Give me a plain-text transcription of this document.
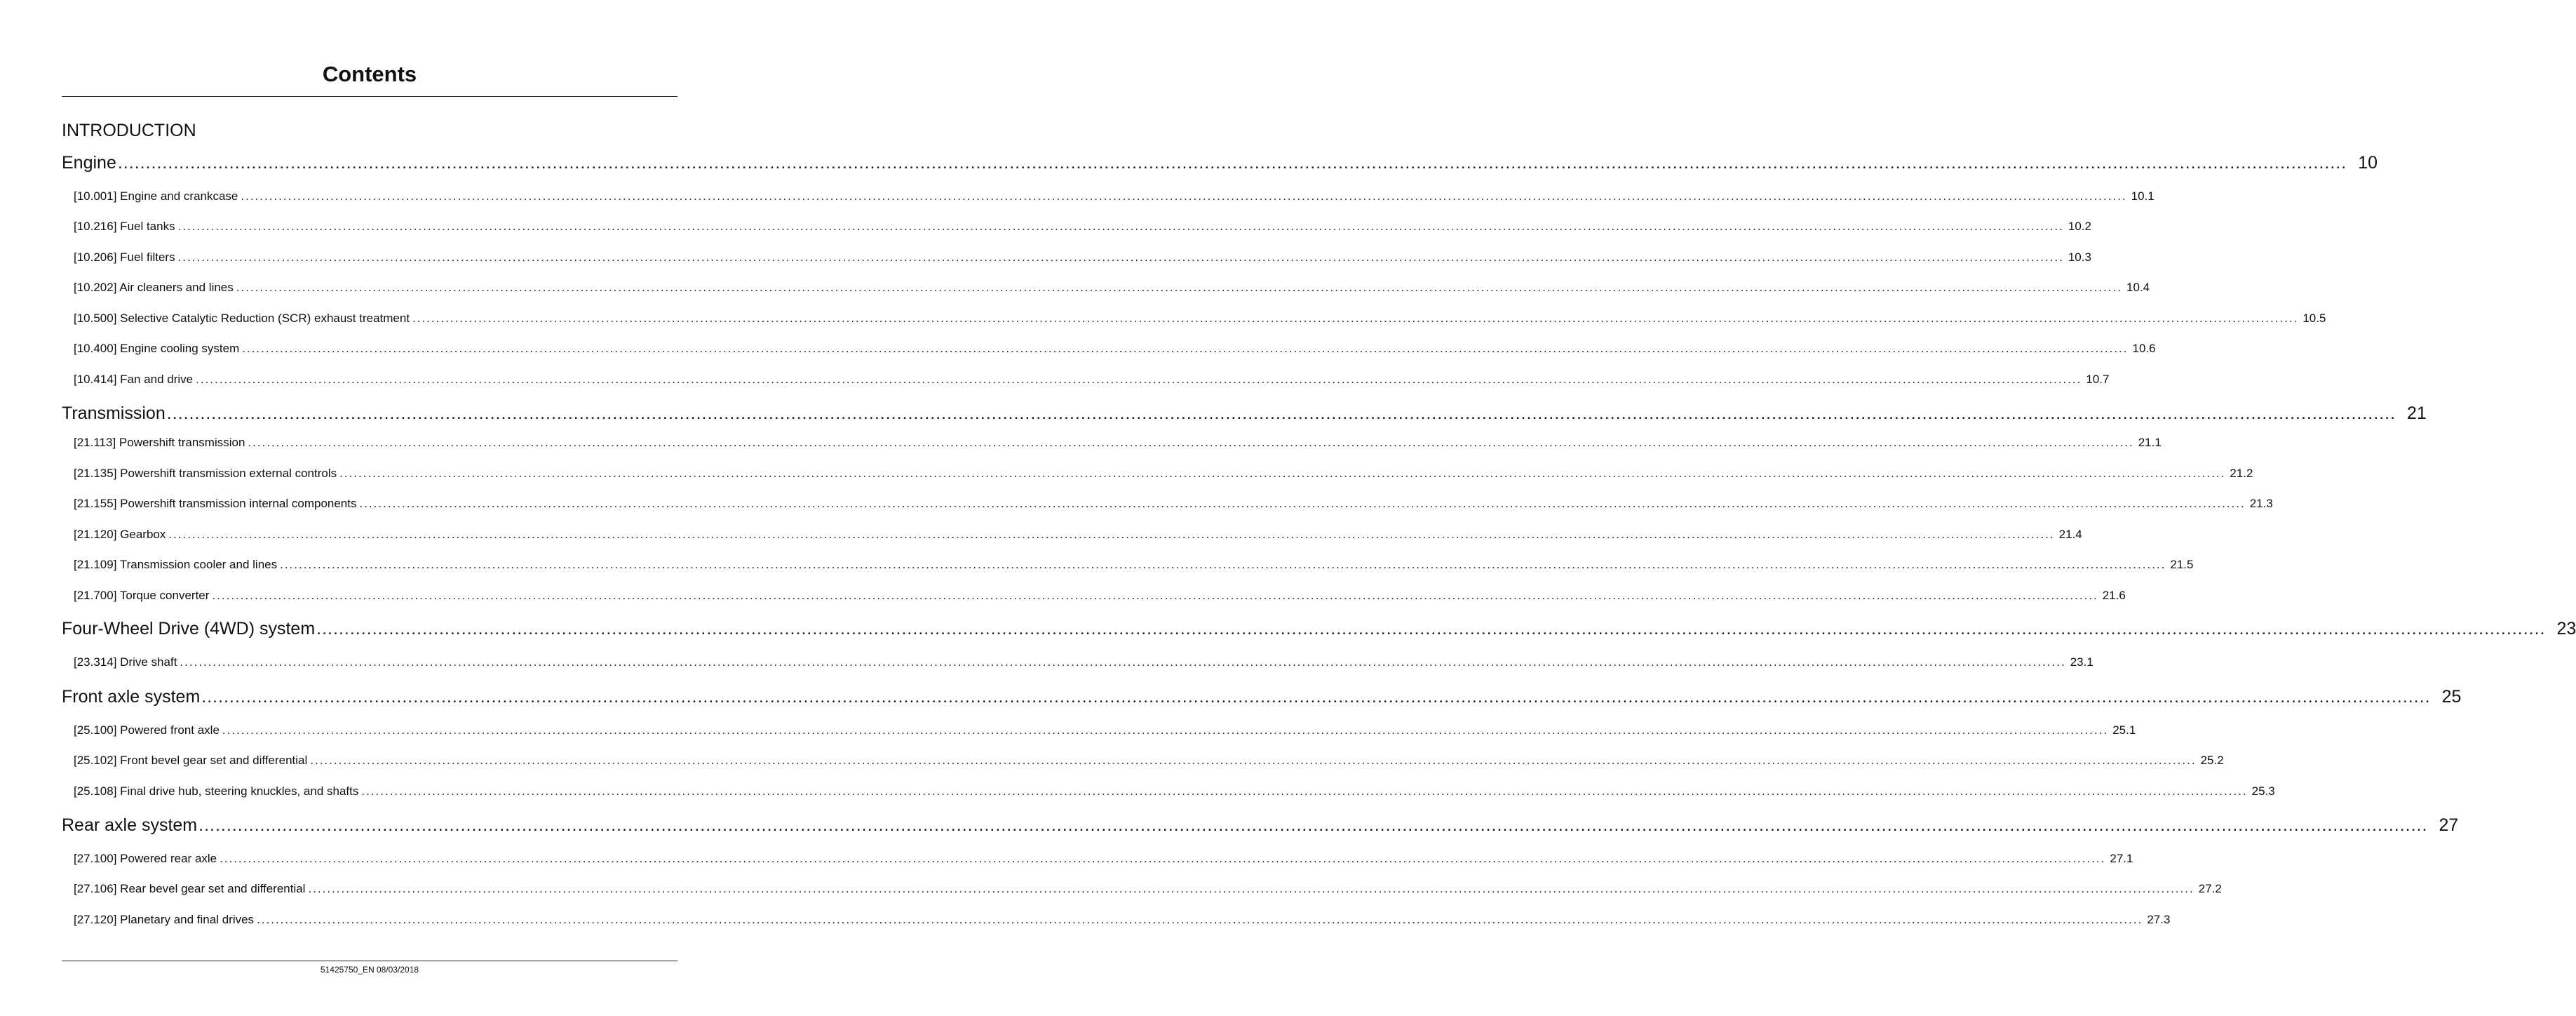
Contents
INTRODUCTION
Engine ................................................................................................................................................................................................................................................................................................................................................................................................................ 10
[10.001] Engine and crankcase ................................................................................................................................................................................................................................................................................................................................................................................................................ 10.1
[10.216] Fuel tanks ................................................................................................................................................................................................................................................................................................................................................................................................................ 10.2
[10.206] Fuel filters ................................................................................................................................................................................................................................................................................................................................................................................................................ 10.3
[10.202] Air cleaners and lines ................................................................................................................................................................................................................................................................................................................................................................................................................ 10.4
[10.500] Selective Catalytic Reduction (SCR) exhaust treatment ................................................................................................................................................................................................................................................................................................................................................................................................................ 10.5
[10.400] Engine cooling system ................................................................................................................................................................................................................................................................................................................................................................................................................ 10.6
[10.414] Fan and drive ................................................................................................................................................................................................................................................................................................................................................................................................................ 10.7
Transmission ................................................................................................................................................................................................................................................................................................................................................................................................................ 21
[21.113] Powershift transmission ................................................................................................................................................................................................................................................................................................................................................................................................................ 21.1
[21.135] Powershift transmission external controls ................................................................................................................................................................................................................................................................................................................................................................................................................ 21.2
[21.155] Powershift transmission internal components ................................................................................................................................................................................................................................................................................................................................................................................................................ 21.3
[21.120] Gearbox ................................................................................................................................................................................................................................................................................................................................................................................................................ 21.4
[21.109] Transmission cooler and lines ................................................................................................................................................................................................................................................................................................................................................................................................................ 21.5
[21.700] Torque converter ................................................................................................................................................................................................................................................................................................................................................................................................................ 21.6
Four-Wheel Drive (4WD) system ................................................................................................................................................................................................................................................................................................................................................................................................................ 23
[23.314] Drive shaft ................................................................................................................................................................................................................................................................................................................................................................................................................ 23.1
Front axle system ................................................................................................................................................................................................................................................................................................................................................................................................................ 25
[25.100] Powered front axle ................................................................................................................................................................................................................................................................................................................................................................................................................ 25.1
[25.102] Front bevel gear set and differential ................................................................................................................................................................................................................................................................................................................................................................................................................ 25.2
[25.108] Final drive hub, steering knuckles, and shafts ................................................................................................................................................................................................................................................................................................................................................................................................................ 25.3
Rear axle system ................................................................................................................................................................................................................................................................................................................................................................................................................ 27
[27.100] Powered rear axle ................................................................................................................................................................................................................................................................................................................................................................................................................ 27.1
[27.106] Rear bevel gear set and differential ................................................................................................................................................................................................................................................................................................................................................................................................................ 27.2
[27.120] Planetary and final drives ................................................................................................................................................................................................................................................................................................................................................................................................................ 27.3
51425750_EN 08/03/2018
